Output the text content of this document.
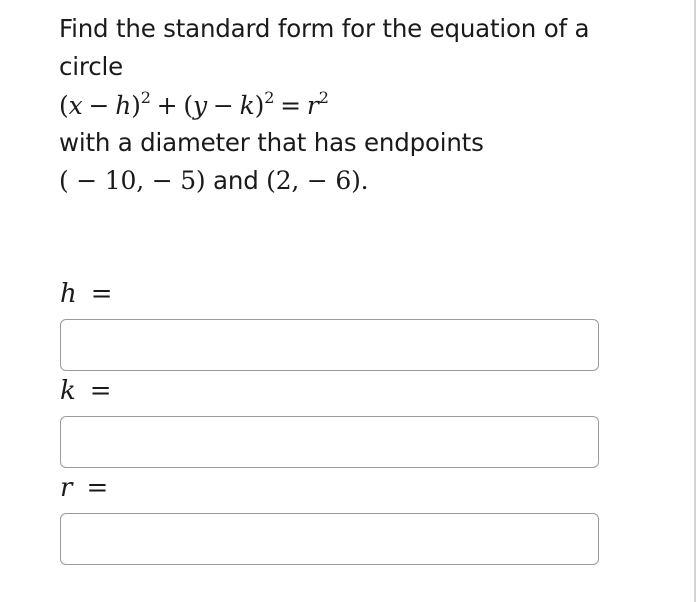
Find the standard form for the equation of a
circle
$(x - h)^2 + (y - k)^2 = r^2$
with a diameter that has endpoints
( − 10, − 5) and (2, − 6).
h =
k =
r =
